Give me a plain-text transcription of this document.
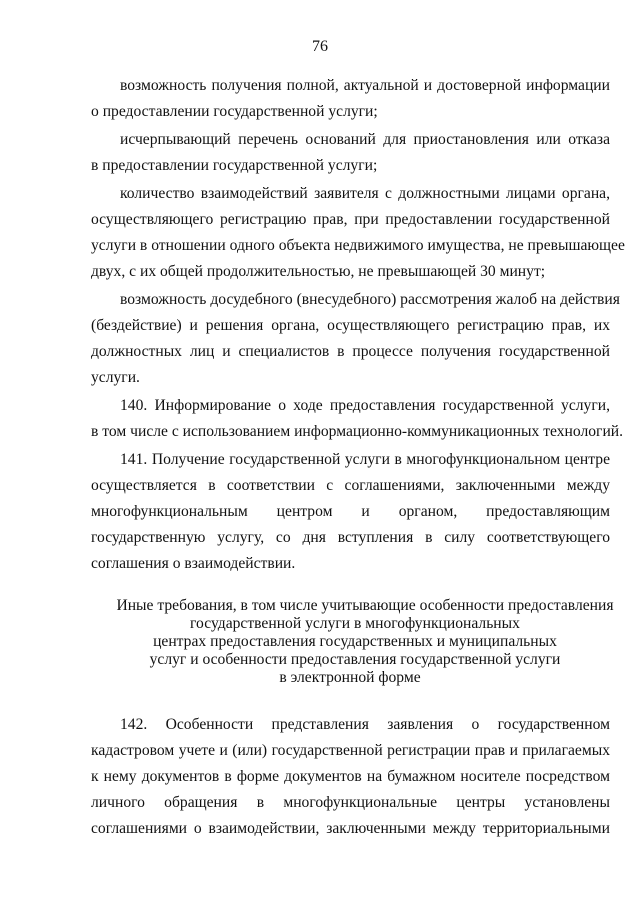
76
возможность получения полной, актуальной и достоверной информации
о предоставлении государственной услуги;
исчерпывающий перечень оснований для приостановления или отказа
в предоставлении государственной услуги;
количество взаимодействий заявителя с должностными лицами органа,
осуществляющего регистрацию прав, при предоставлении государственной
услуги в отношении одного объекта недвижимого имущества, не превышающее
двух, с их общей продолжительностью, не превышающей 30 минут;
возможность досудебного (внесудебного) рассмотрения жалоб на действия
(бездействие) и решения органа, осуществляющего регистрацию прав, их
должностных лиц и специалистов в процессе получения государственной
услуги.
140. Информирование о ходе предоставления государственной услуги,
в том числе с использованием информационно-коммуникационных технологий.
141. Получение государственной услуги в многофункциональном центре
осуществляется в соответствии с соглашениями, заключенными между
многофункциональным центром и органом, предоставляющим
государственную услугу, со дня вступления в силу соответствующего
соглашения о взаимодействии.
Иные требования, в том числе учитывающие особенности предоставления
государственной услуги в многофункциональных
центрах предоставления государственных и муниципальных
услуг и особенности предоставления государственной услуги
в электронной форме
142. Особенности представления заявления о государственном
кадастровом учете и (или) государственной регистрации прав и прилагаемых
к нему документов в форме документов на бумажном носителе посредством
личного обращения в многофункциональные центры установлены
соглашениями о взаимодействии, заключенными между территориальными
